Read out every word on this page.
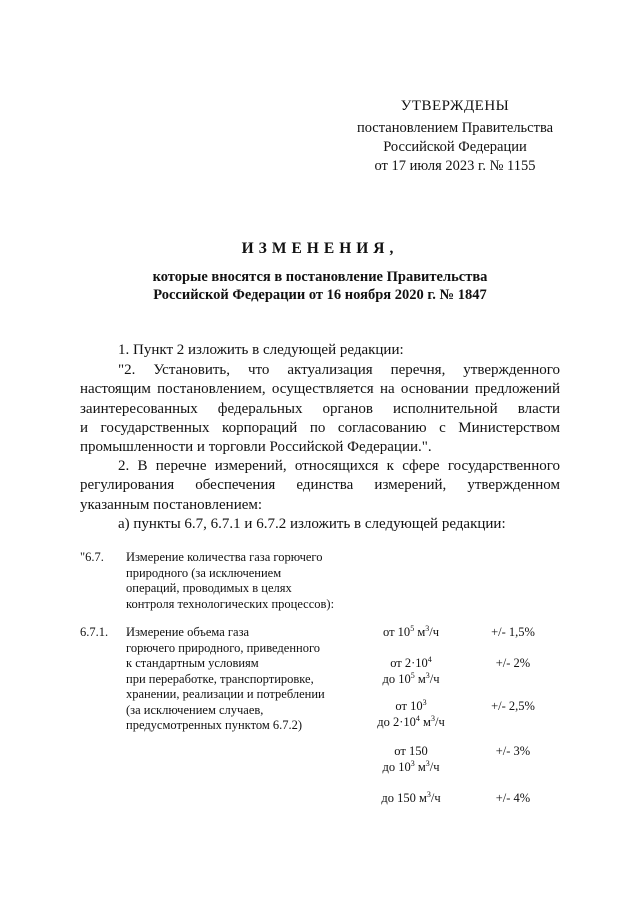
УТВЕРЖДЕНЫ
постановлением Правительства
Российской Федерации
от 17 июля 2023 г. № 1155
ИЗМЕНЕНИЯ,
которые вносятся в постановление Правительства
Российской Федерации от 16 ноября 2020 г. № 1847
1. Пункт 2 изложить в следующей редакции:
"2. Установить, что актуализация перечня, утвержденного
настоящим постановлением, осуществляется на основании предложений
заинтересованных федеральных органов исполнительной власти
и государственных корпораций по согласованию с Министерством
промышленности и торговли Российской Федерации.".
2. В перечне измерений, относящихся к сфере государственного
регулирования обеспечения единства измерений, утвержденном
указанным постановлением:
а) пункты 6.7, 6.7.1 и 6.7.2 изложить в следующей редакции:
"6.7. Измерение количества газа горючего
природного (за исключением
операций, проводимых в целях
контроля технологических процессов):
6.7.1. Измерение объема газа
горючего природного, приведенного
к стандартным условиям
при переработке, транспортировке,
хранении, реализации и потреблении
(за исключением случаев,
предусмотренных пунктом 6.7.2)
от $10^5$ $м^3/ч$	+/- 1,5%
от $2\cdot 10^4$
до $10^5$ $м^3/ч$
+/- 2%
от $10^3$
до $2\cdot 10^4$ $м^3/ч$
+/- 2,5%
от 150
до $10^3$ $м^3/ч$
+/- 3%
до 150 $м^3/ч$	+/- 4%
